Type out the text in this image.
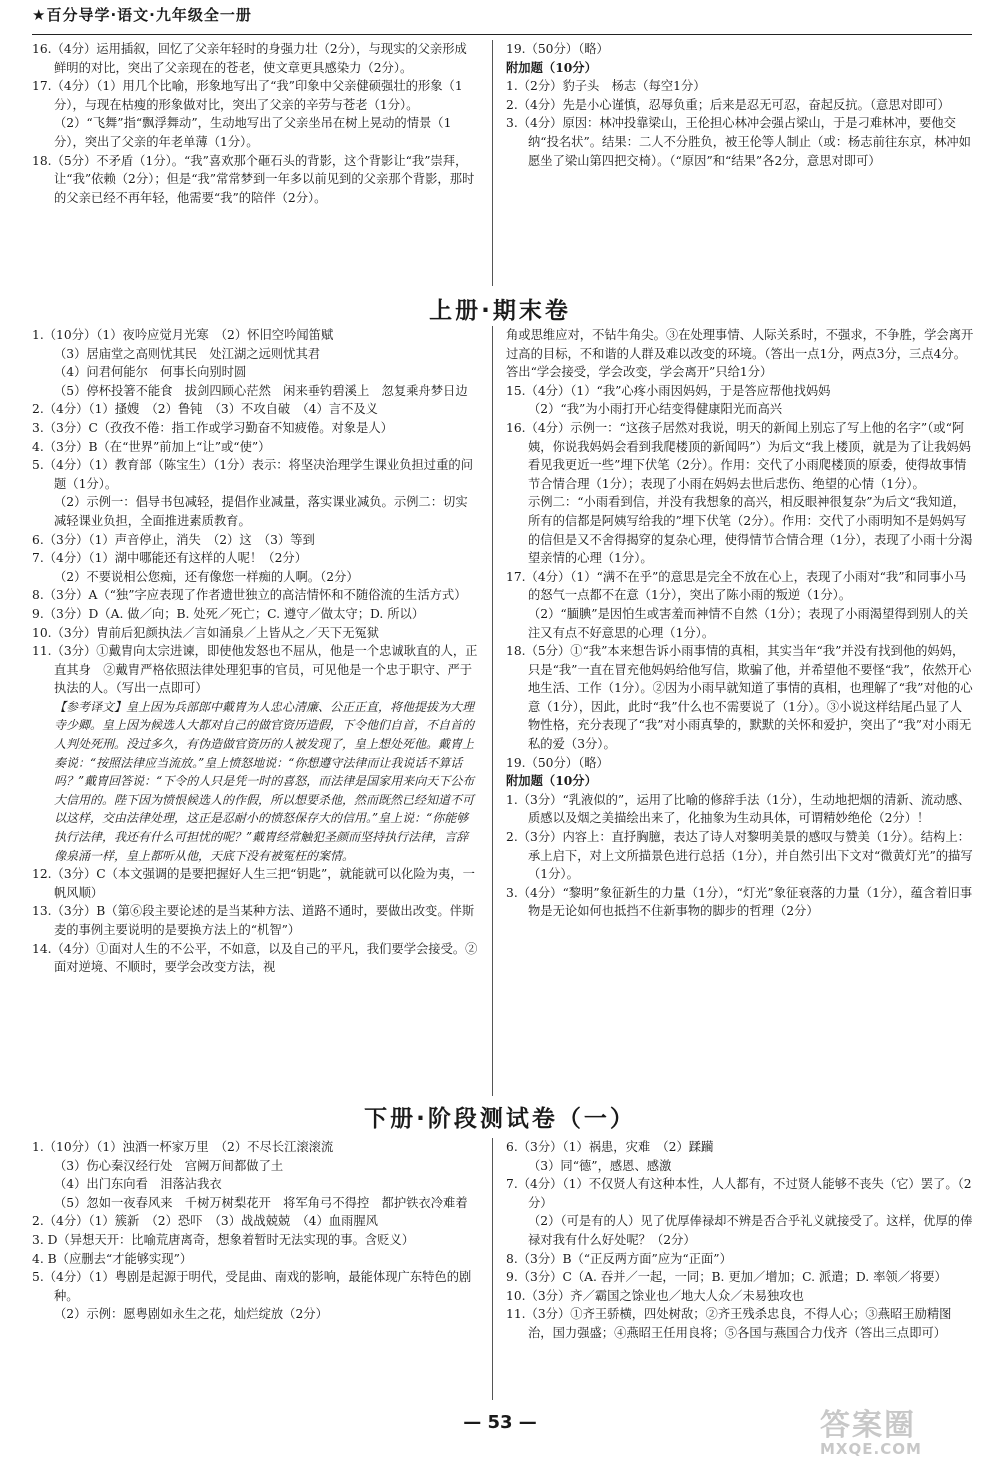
★百分导学·语文·九年级全一册

16.（4分）运用插叙，回忆了父亲年轻时的身强力壮（2分），与现实的父亲形成鲜明的对比，突出了父亲现在的苍老，使文章更具感染力（2分）。

17.（4分）（1）用几个比喻，形象地写出了“我”印象中父亲健硕强壮的形象（1分），与现在枯瘦的形象做对比，突出了父亲的辛劳与苍老（1分）。

（2）“飞舞”指“飘浮舞动”，生动地写出了父亲坐吊在树上晃动的情景（1分），突出了父亲的年老单薄（1分）。

18.（5分）不矛盾（1分）。“我”喜欢那个砸石头的背影，这个背影让“我”崇拜，让“我”依赖（2分）；但是“我”常常梦到一年多以前见到的父亲那个背影，那时的父亲已经不再年轻，他需要“我”的陪伴（2分）。

19.（50分）（略）

附加题（10分）

1.（2分）豹子头　杨志（每空1分）

2.（4分）先是小心谨慎，忍辱负重；后来是忍无可忍，奋起反抗。（意思对即可）

3.（4分）原因：林冲投靠梁山，王伦担心林冲会强占梁山，于是刁难林冲，要他交纳“投名状”。结果：二人不分胜负，被王伦等人制止（或：杨志前往东京，林冲如愿坐了梁山第四把交椅）。（“原因”和“结果”各2分，意思对即可）

上册·期末卷

1.（10分）（1）夜吟应觉月光寒　（2）怀旧空吟闻笛赋

（3）居庙堂之高则忧其民　处江湖之远则忧其君

（4）问君何能尔　何事长向别时圆

（5）停杯投箸不能食　拔剑四顾心茫然　闲来垂钓碧溪上　忽复乘舟梦日边

2.（4分）（1）搔嫂　（2）鲁钝　（3）不攻自破　（4）言不及义

3.（3分）C（孜孜不倦：指工作或学习勤奋不知疲倦。对象是人）

4.（3分）B（在“世界”前加上“让”或“使”）

5.（4分）（1）教育部（陈宝生）（1分）表示：将坚决治理学生课业负担过重的问题（1分）。

（2）示例一：倡导书包减轻，提倡作业减量，落实课业减负。示例二：切实减轻课业负担，全面推进素质教育。

6.（3分）（1）声音停止，消失　（2）这　（3）等到

7.（4分）（1）湖中哪能还有这样的人呢！（2分）

（2）不要说相公您痴，还有像您一样痴的人啊。（2分）

8.（3分）A（“独”字应表现了作者遗世独立的高洁情怀和不随俗流的生活方式）

9.（3分）D（A. 做／向；B. 处死／死亡；C. 遵守／做太守；D. 所以）

10.（3分）胄前后犯颜执法／言如涌泉／上皆从之／天下无冤狱

11.（3分）①戴胄向太宗进谏，即使他发怒也不屈从，他是一个忠诚耿直的人，正直其身　②戴胄严格依照法律处理犯事的官员，可见他是一个忠于职守、严于执法的人。（写出一点即可）

【参考译文】皇上因为兵部郎中戴胄为人忠心清廉、公正正直，将他提拔为大理寺少卿。皇上因为候选人大都对自己的做官资历造假，下令他们自首，不自首的人判处死刑。没过多久，有伪造做官资历的人被发现了，皇上想处死他。戴胄上奏说：“按照法律应当流放。”皇上愤怒地说：“你想遵守法律而让我说话不算话吗？”戴胄回答说：“下令的人只是凭一时的喜怒，而法律是国家用来向天下公布大信用的。陛下因为愤恨候选人的作假，所以想要杀他，然而既然已经知道不可以这样，交由法律处理，这正是忍耐小的愤怒保存大的信用。”皇上说：“你能够执行法律，我还有什么可担忧的呢？”戴胄经常触犯圣颜而坚持执行法律，言辞像泉涌一样，皇上都听从他，天底下没有被冤枉的案情。

12.（3分）C（本文强调的是要把握好人生三把“钥匙”，就能就可以化险为夷，一帆风顺）

13.（3分）B（第⑥段主要论述的是当某种方法、道路不通时，要做出改变。伴斯麦的事例主要说明的是要换方法上的“机智”）

14.（4分）①面对人生的不公平，不如意，以及自己的平凡，我们要学会接受。②面对逆境、不顺时，要学会改变方法，视

角或思维应对，不钻牛角尖。③在处理事情、人际关系时，不强求，不争胜，学会离开过高的目标，不和谐的人群及难以改变的环境。（答出一点1分，两点3分，三点4分。答出“学会接受，学会改变，学会离开”只给1分）

15.（4分）（1）“我”心疼小雨因妈妈，于是答应帮他找妈妈

（2）“我”为小雨打开心结变得健康阳光而高兴

16.（4分）示例一：“这孩子居然对我说，明天的新闻上别忘了写上他的名字”（或“阿姨，你说我妈妈会看到我爬楼顶的新闻吗”）为后文“我上楼顶，就是为了让我妈妈看见我更近一些”埋下伏笔（2分）。作用：交代了小雨爬楼顶的原委，使得故事情节合情合理（1分）；表现了小雨在妈妈去世后悲伤、绝望的心情（1分）。

示例二：“小雨看到信，并没有我想象的高兴，相反眼神很复杂”为后文“我知道，所有的信都是阿姨写给我的”埋下伏笔（2分）。作用：交代了小雨明知不是妈妈写的信但是又不舍得揭穿的复杂心理，使得情节合情合理（1分），表现了小雨十分渴望亲情的心理（1分）。

17.（4分）（1）“满不在乎”的意思是完全不放在心上，表现了小雨对“我”和同事小马的怒气一点都不在意（1分），突出了陈小雨的叛逆（1分）。

（2）“腼腆”是因怕生或害羞而神情不自然（1分）；表现了小雨渴望得到别人的关注又有点不好意思的心理（1分）。

18.（5分）①“我”本来想告诉小雨事情的真相，其实当年“我”并没有找到他的妈妈，只是“我”一直在冒充他妈妈给他写信，欺骗了他，并希望他不要怪“我”，依然开心地生活、工作（1分）。②因为小雨早就知道了事情的真相，也理解了“我”对他的心意（1分），因此，此时“我”什么也不需要说了（1分）。③小说这样结尾凸显了人物性格，充分表现了“我”对小雨真挚的，默默的关怀和爱护，突出了“我”对小雨无私的爱（3分）。

19.（50分）（略）

附加题（10分）

1.（3分）“乳液似的”，运用了比喻的修辞手法（1分），生动地把烟的清新、流动感、质感以及烟之美描绘出来了，化抽象为生动具体，可谓精妙绝伦（2分）！

2.（3分）内容上：直抒胸臆，表达了诗人对黎明美景的感叹与赞美（1分）。结构上：承上启下，对上文所描景色进行总括（1分），并自然引出下文对“微黄灯光”的描写（1分）。

3.（4分）“黎明”象征新生的力量（1分），“灯光”象征衰落的力量（1分），蕴含着旧事物是无论如何也抵挡不住新事物的脚步的哲理（2分）

下册·阶段测试卷（一）

1.（10分）（1）浊酒一杯家万里　（2）不尽长江滚滚流

（3）伤心秦汉经行处　宫阙万间都做了土

（4）出门东向看　泪落沾我衣

（5）忽如一夜春风来　千树万树梨花开　将军角弓不得控　都护铁衣冷难着

2.（4分）（1）簇新　（2）恐吓　（3）战战兢兢　（4）血雨腥风

3. D（异想天开：比喻荒唐离奇，想象着暂时无法实现的事。含贬义）

4. B（应删去“才能够实现”）

5.（4分）（1）粤剧是起源于明代，受昆曲、南戏的影响，最能体现广东特色的剧种。

（2）示例：愿粤剧如永生之花，灿烂绽放（2分）

6.（3分）（1）祸患，灾难　（2）蹂躏

（3）同“德”，感恩、感激

7.（4分）（1）不仅贤人有这种本性，人人都有，不过贤人能够不丧失（它）罢了。（2分）

（2）（可是有的人）见了优厚俸禄却不辨是否合乎礼义就接受了。这样，优厚的俸禄对我有什么好处呢？（2分）

8.（3分）B（“正反两方面”应为“正面”）

9.（3分）C（A. 吞并／一起，一同；B. 更加／增加；C. 派遣；D. 率领／将要）

10.（3分）齐／霸国之馀业也／地大人众／未易独攻也

11.（3分）①齐王骄横，四处树敌；②齐王残杀忠良，不得人心；③燕昭王励精图治，国力强盛；④燕昭王任用良将；⑤各国与燕国合力伐齐（答出三点即可）

— 53 —	答案圈
MXQE.COM
